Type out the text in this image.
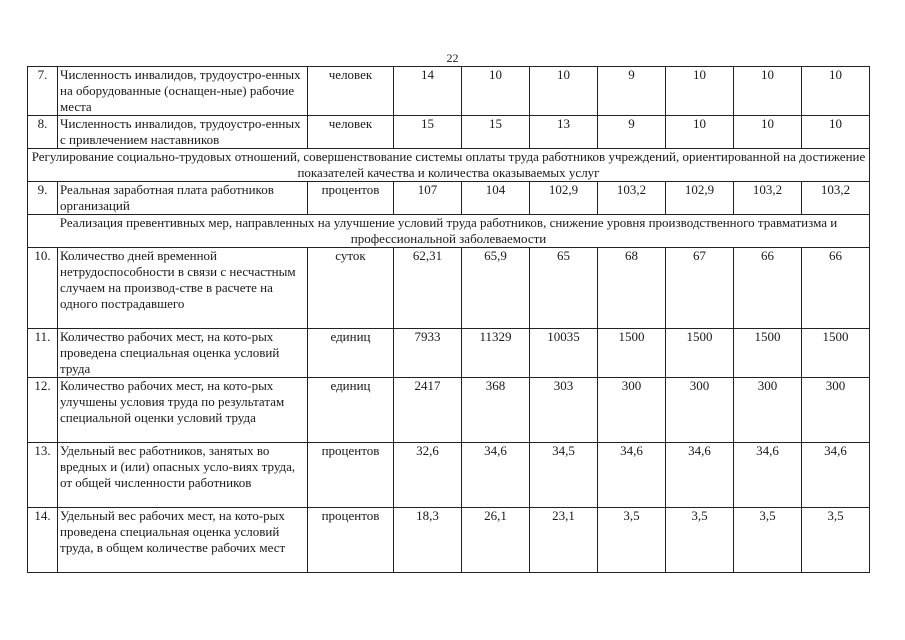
22
7.	Численность инвалидов, трудоустро-енных на оборудованные (оснащен-ные) рабочие места	человек	14	10	10	9	10	10	10
8.	Численность инвалидов, трудоустро-енных с привлечением наставников	человек	15	15	13	9	10	10	10
Регулирование социально-трудовых отношений, совершенствование системы оплаты труда работников учреждений, ориентированной на достижение показателей качества и количества оказываемых услуг									
9.	Реальная заработная плата работников организаций	процентов	107	104	102,9	103,2	102,9	103,2	103,2
Реализация превентивных мер, направленных на улучшение условий труда работников, снижение уровня производственного травматизма и профессиональной заболеваемости									
10.	Количество дней временной нетрудоспособности в связи с несчастным случаем на производ-стве в расчете на одного пострадавшего	суток	62,31	65,9	65	68	67	66	66
11.	Количество рабочих мест, на кото-рых проведена специальная оценка условий труда	единиц	7933	11329	10035	1500	1500	1500	1500
12.	Количество рабочих мест, на кото-рых улучшены условия труда по результатам специальной оценки условий труда	единиц	2417	368	303	300	300	300	300
13.	Удельный вес работников, занятых во вредных и (или) опасных усло-виях труда, от общей численности работников	процентов	32,6	34,6	34,5	34,6	34,6	34,6	34,6
14.	Удельный вес рабочих мест, на кото-рых проведена специальная оценка условий труда, в общем количестве рабочих мест	процентов	18,3	26,1	23,1	3,5	3,5	3,5	3,5
